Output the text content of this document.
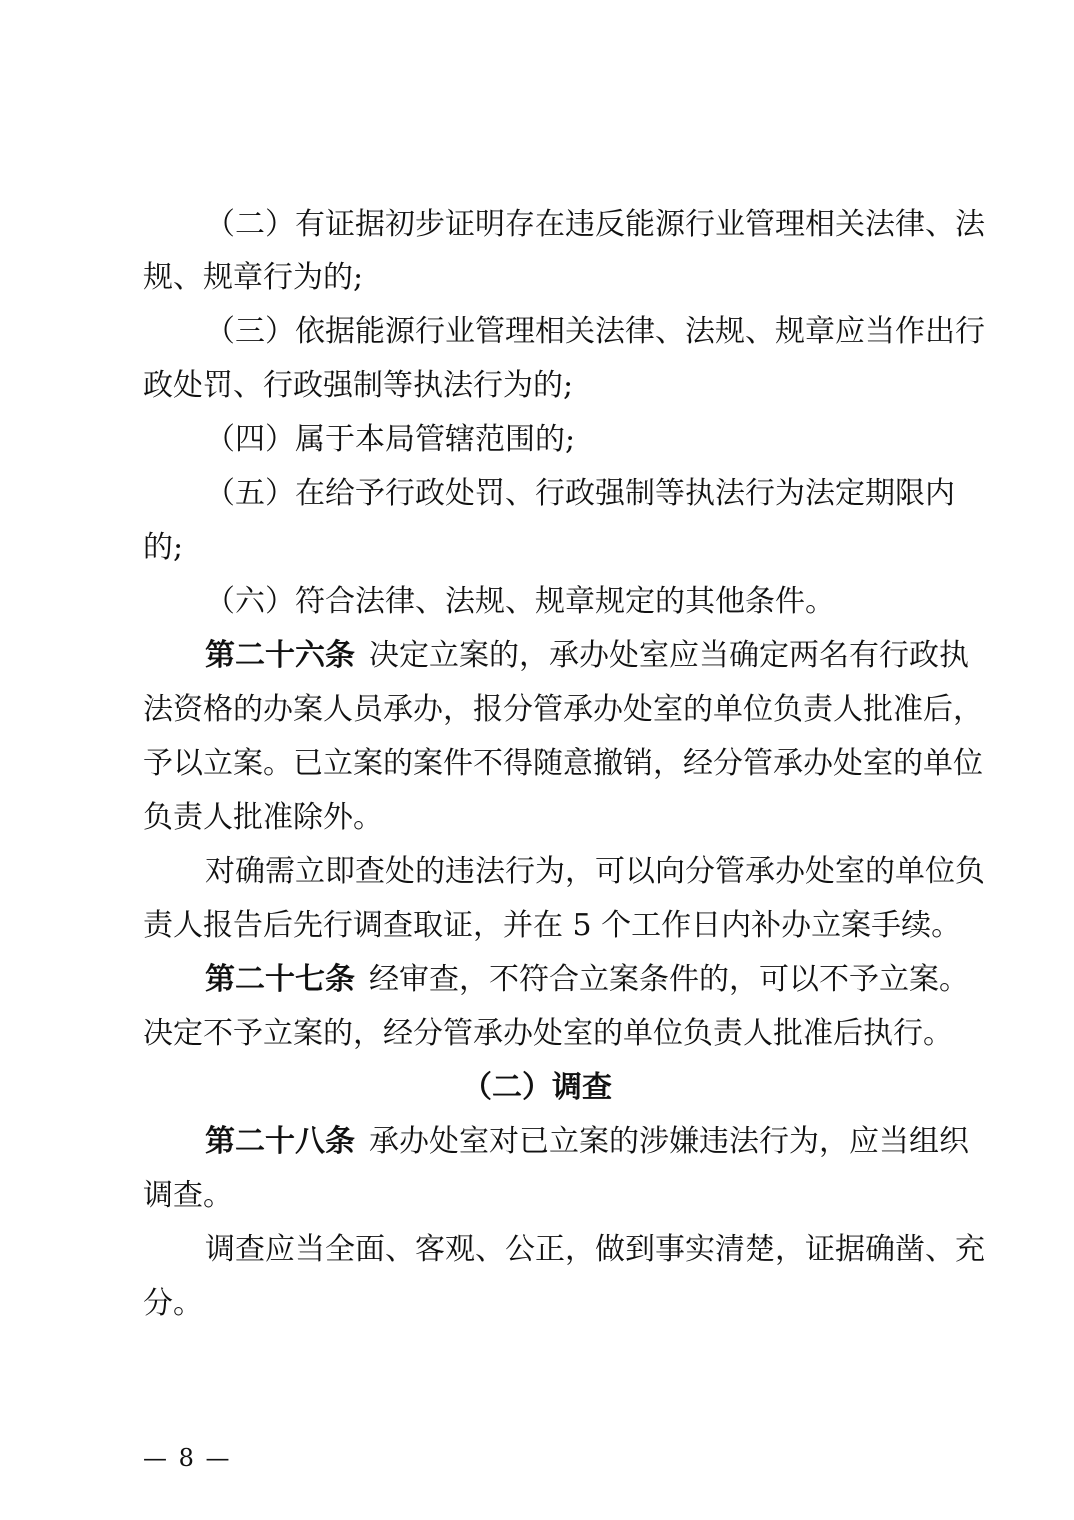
（二）有证据初步证明存在违反能源行业管理相关法律、法
规、规章行为的;
（三）依据能源行业管理相关法律、法规、规章应当作出行
政处罚、行政强制等执法行为的;
（四）属于本局管辖范围的;
（五）在给予行政处罚、行政强制等执法行为法定期限内
的;
（六）符合法律、法规、规章规定的其他条件。
第二十六条 决定立案的，承办处室应当确定两名有行政执
法资格的办案人员承办，报分管承办处室的单位负责人批准后，
予以立案。已立案的案件不得随意撤销，经分管承办处室的单位
负责人批准除外。
对确需立即查处的违法行为，可以向分管承办处室的单位负
责人报告后先行调查取证，并在 5 个工作日内补办立案手续。
第二十七条 经审查，不符合立案条件的，可以不予立案。
决定不予立案的，经分管承办处室的单位负责人批准后执行。
（二）调查
第二十八条 承办处室对已立案的涉嫌违法行为，应当组织
调查。
调查应当全面、客观、公正，做到事实清楚，证据确凿、充
分。
— 8 —
